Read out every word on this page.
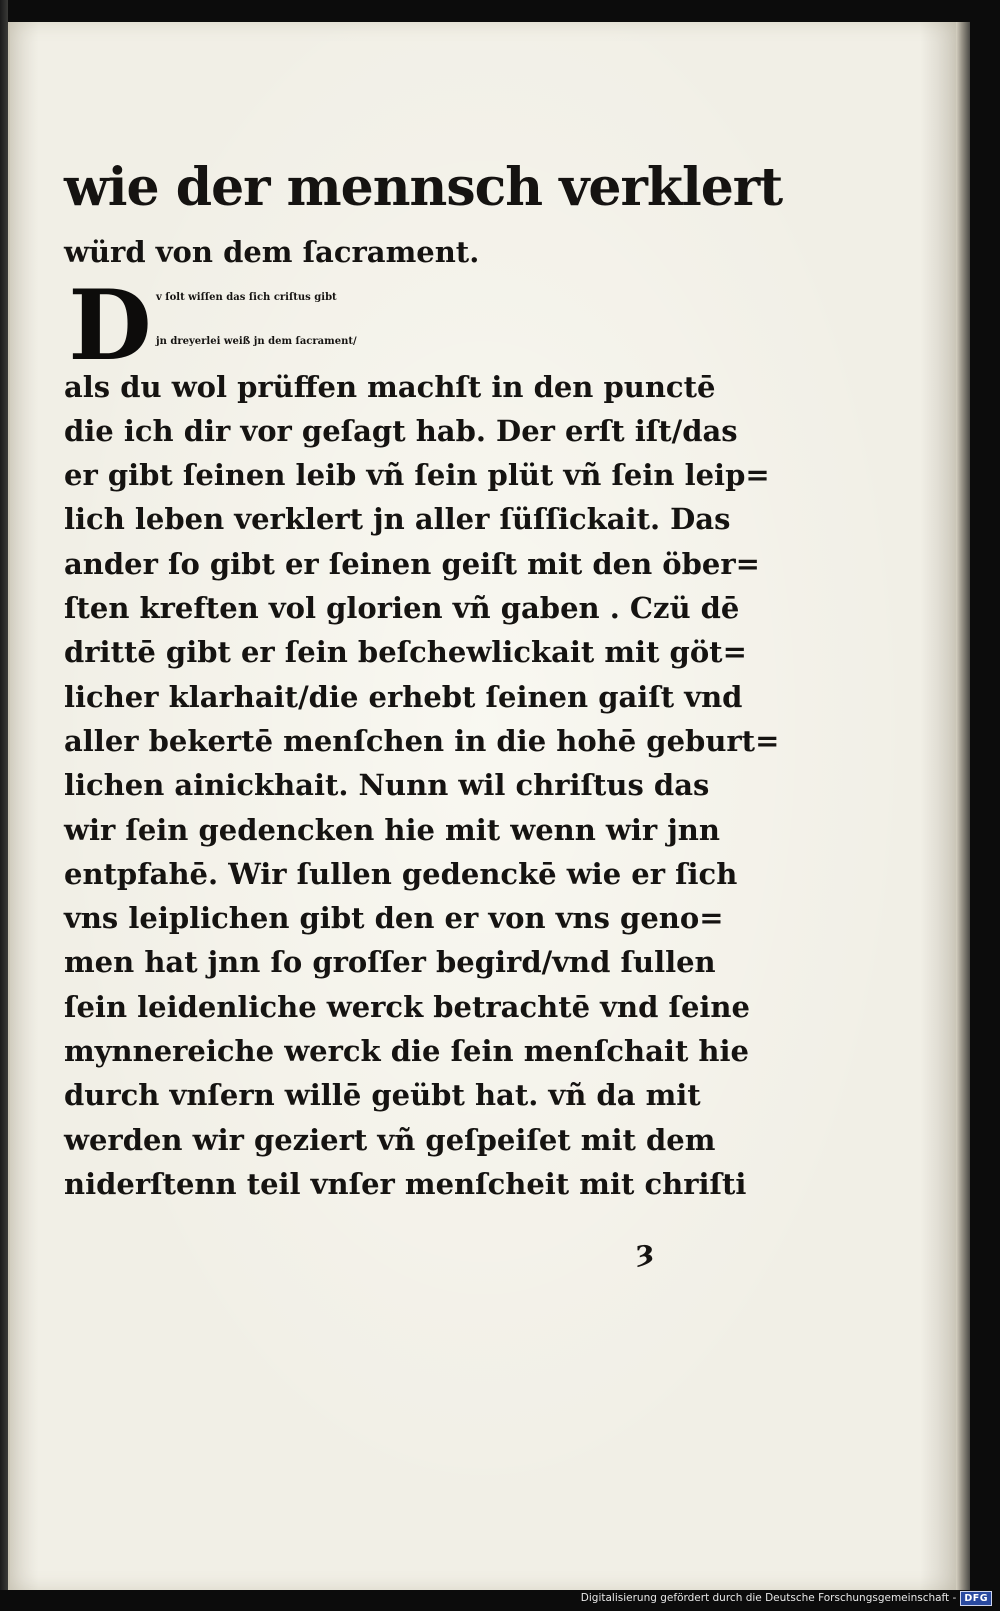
wie der mennsch verklert

würd von dem ſacrament.

D v ſolt wiſſen das ſich criſtus gibt

jn dreyerlei weiß jn dem ſacrament/

als du wol prüffen machſt in den punctē

die ich dir vor geſagt hab. Der erſt iſt/das

er gibt ſeinen leib vñ ſein plüt vñ ſein leip=

lich leben verklert jn aller ſüſſickait. Das

ander ſo gibt er ſeinen geiſt mit den öber=

ſten kreften vol glorien vñ gaben . Czü dē

drittē gibt er ſein beſchewlickait mit göt=

licher klarhait/die erhebt ſeinen gaiſt vnd

aller bekertē menſchen in die hohē geburt=

lichen ainickhait. Nunn wil chriſtus das

wir ſein gedencken hie mit wenn wir jnn

entpfahē. Wir ſullen gedenckē wie er ſich

vns leiplichen gibt den er von vns geno=

men hat jnn ſo groſſer begird/vnd ſullen

ſein leidenliche werck betrachtē vnd ſeine

mynnereiche werck die ſein menſchait hie

durch vnſern willē geübt hat. vñ da mit

werden wir geziert vñ geſpeiſet mit dem

niderſtenn teil vnſer menſcheit mit chriſti

ȝ
Digitalisierung gefördert durch die Deutsche Forschungsgemeinschaft - DFG
